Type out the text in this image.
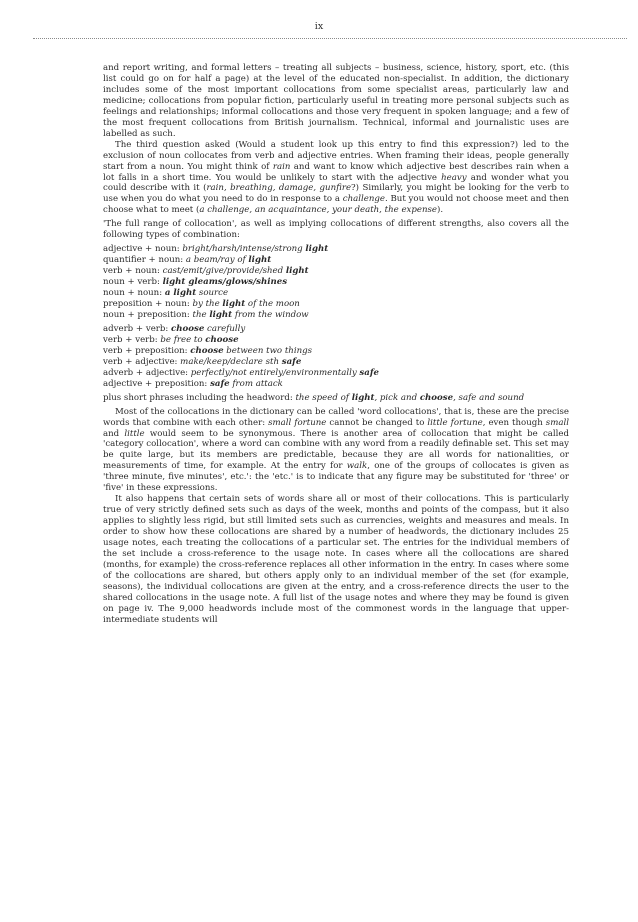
ix

and report writing, and formal letters – treating all subjects – business, science, history, sport, etc. (this list could go on for half a page) at the level of the educated non-specialist. In addition, the dictionary includes some of the most important collocations from some specialist areas, particularly law and medicine; collocations from popular fiction, particularly useful in treating more personal subjects such as feelings and relationships; informal collocations and those very frequent in spoken language; and a few of the most frequent collocations from British journalism. Technical, informal and journalistic uses are labelled as such.

The third question asked (Would a student look up this entry to find this expression?) led to the exclusion of noun collocates from verb and adjective entries. When framing their ideas, people generally start from a noun. You might think of rain and want to know which adjective best describes rain when a lot falls in a short time. You would be unlikely to start with the adjective heavy and wonder what you could describe with it (rain, breathing, damage, gunfire?) Similarly, you might be looking for the verb to use when you do what you need to do in response to a challenge. But you would not choose meet and then choose what to meet (a challenge, an acquaintance, your death, the expense).

'The full range of collocation', as well as implying collocations of different strengths, also covers all the following types of combination:

adjective + noun: bright/harsh/intense/strong light
quantifier + noun: a beam/ray of light
verb + noun: cast/emit/give/provide/shed light
noun + verb: light gleams/glows/shines
noun + noun: a light source
preposition + noun: by the light of the moon
noun + preposition: the light from the window
adverb + verb: choose carefully
verb + verb: be free to choose
verb + preposition: choose between two things
verb + adjective: make/keep/declare sth safe
adverb + adjective: perfectly/not entirely/environmentally safe
adjective + preposition: safe from attack

plus short phrases including the headword: the speed of light, pick and choose, safe and sound

Most of the collocations in the dictionary can be called 'word collocations', that is, these are the precise words that combine with each other: small fortune cannot be changed to little fortune, even though small and little would seem to be synonymous. There is another area of collocation that might be called 'category collocation', where a word can combine with any word from a readily definable set. This set may be quite large, but its members are predictable, because they are all words for nationalities, or measurements of time, for example. At the entry for walk, one of the groups of collocates is given as 'three minute, five minutes', etc.': the 'etc.' is to indicate that any figure may be substituted for 'three' or 'five' in these expressions.

It also happens that certain sets of words share all or most of their collocations. This is particularly true of very strictly defined sets such as days of the week, months and points of the compass, but it also applies to slightly less rigid, but still limited sets such as currencies, weights and measures and meals. In order to show how these collocations are shared by a number of headwords, the dictionary includes 25 usage notes, each treating the collocations of a particular set. The entries for the individual members of the set include a cross-reference to the usage note. In cases where all the collocations are shared (months, for example) the cross-reference replaces all other information in the entry. In cases where some of the collocations are shared, but others apply only to an individual member of the set (for example, seasons), the individual collocations are given at the entry, and a cross-reference directs the user to the shared collocations in the usage note. A full list of the usage notes and where they may be found is given on page iv. The 9,000 headwords include most of the commonest words in the language that upper-intermediate students will
